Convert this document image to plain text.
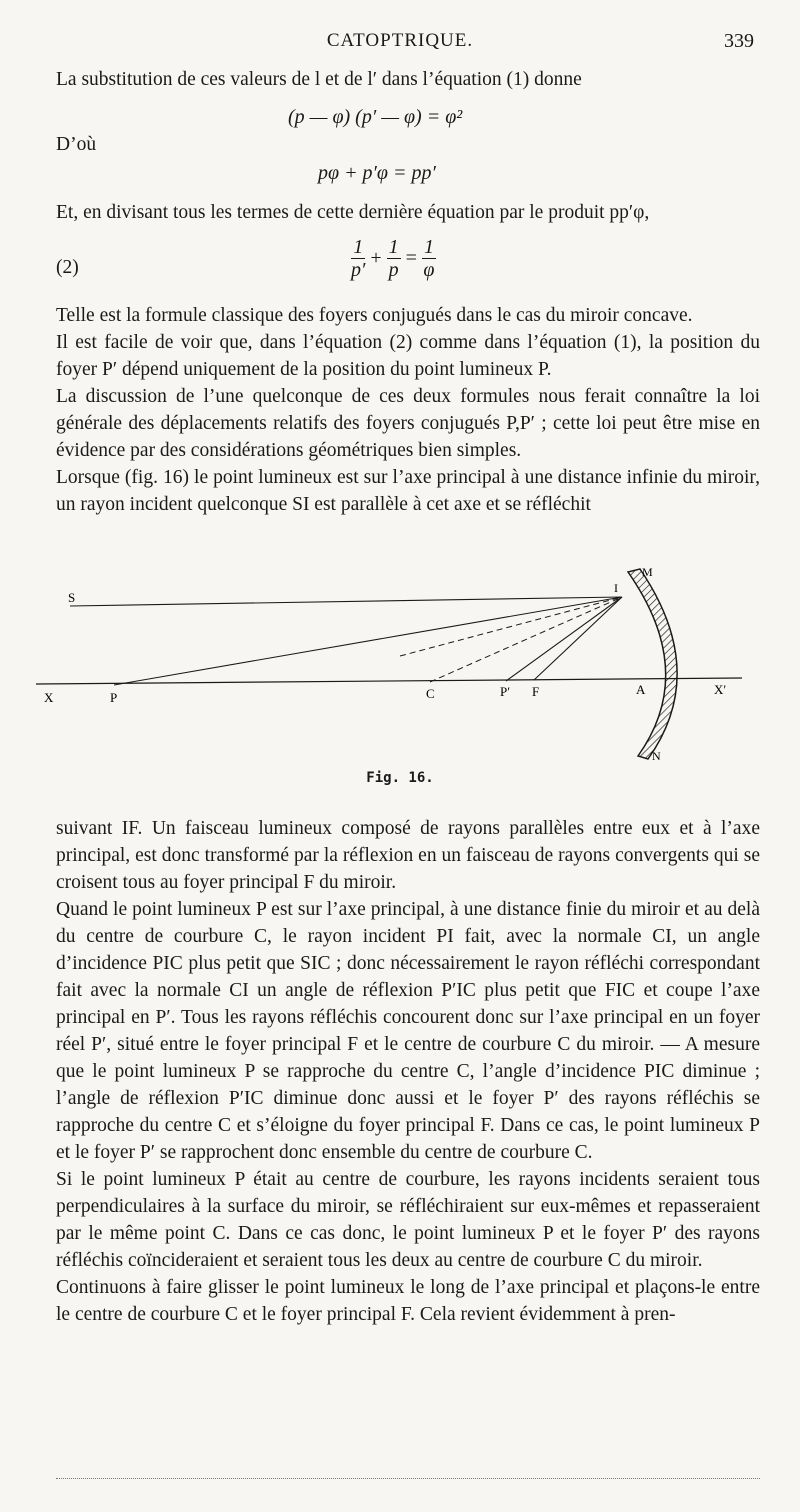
CATOPTRIQUE.	339
La substitution de ces valeurs de l et de l′ dans l’équation (1) donne
(p — φ) (p′ — φ) = φ²
D’où
pφ + p′φ = pp′
Et, en divisant tous les termes de cette dernière équation par le produit pp′φ,
(2)	$\frac{1}{p'} + \frac{1}{p} = \frac{1}{\varphi}$

Telle est la formule classique des foyers conjugués dans le cas du miroir concave.

Il est facile de voir que, dans l’équation (2) comme dans l’équation (1), la position du foyer P′ dépend uniquement de la position du point lumineux P.

La discussion de l’une quelconque de ces deux formules nous ferait connaître la loi générale des déplacements relatifs des foyers conjugués P,P′ ; cette loi peut être mise en évidence par des considérations géométriques bien simples.

Lorsque (fig. 16) le point lumineux est sur l’axe principal à une distance infinie du miroir, un rayon incident quelconque SI est parallèle à cet axe et se réfléchit

S
X	P	C	P′ F	A	X′
I
M
N
Fig. 16.

suivant IF. Un faisceau lumineux composé de rayons parallèles entre eux et à l’axe principal, est donc transformé par la réflexion en un faisceau de rayons convergents qui se croisent tous au foyer principal F du miroir.

Quand le point lumineux P est sur l’axe principal, à une distance finie du miroir et au delà du centre de courbure C, le rayon incident PI fait, avec la normale CI, un angle d’incidence PIC plus petit que SIC ; donc nécessairement le rayon réfléchi correspondant fait avec la normale CI un angle de réflexion P′IC plus petit que FIC et coupe l’axe principal en P′. Tous les rayons réfléchis concourent donc sur l’axe principal en un foyer réel P′, situé entre le foyer principal F et le centre de courbure C du miroir. — A mesure que le point lumineux P se rapproche du centre C, l’angle d’incidence PIC diminue ; l’angle de réflexion P′IC diminue donc aussi et le foyer P′ des rayons réfléchis se rapproche du centre C et s’éloigne du foyer principal F. Dans ce cas, le point lumineux P et le foyer P′ se rapprochent donc ensemble du centre de courbure C.

Si le point lumineux P était au centre de courbure, les rayons incidents seraient tous perpendiculaires à la surface du miroir, se réfléchiraient sur eux-mêmes et repasseraient par le même point C. Dans ce cas donc, le point lumineux P et le foyer P′ des rayons réfléchis coïncideraient et seraient tous les deux au centre de courbure C du miroir.

Continuons à faire glisser le point lumineux le long de l’axe principal et plaçons-le entre le centre de courbure C et le foyer principal F. Cela revient évidemment à pren-
